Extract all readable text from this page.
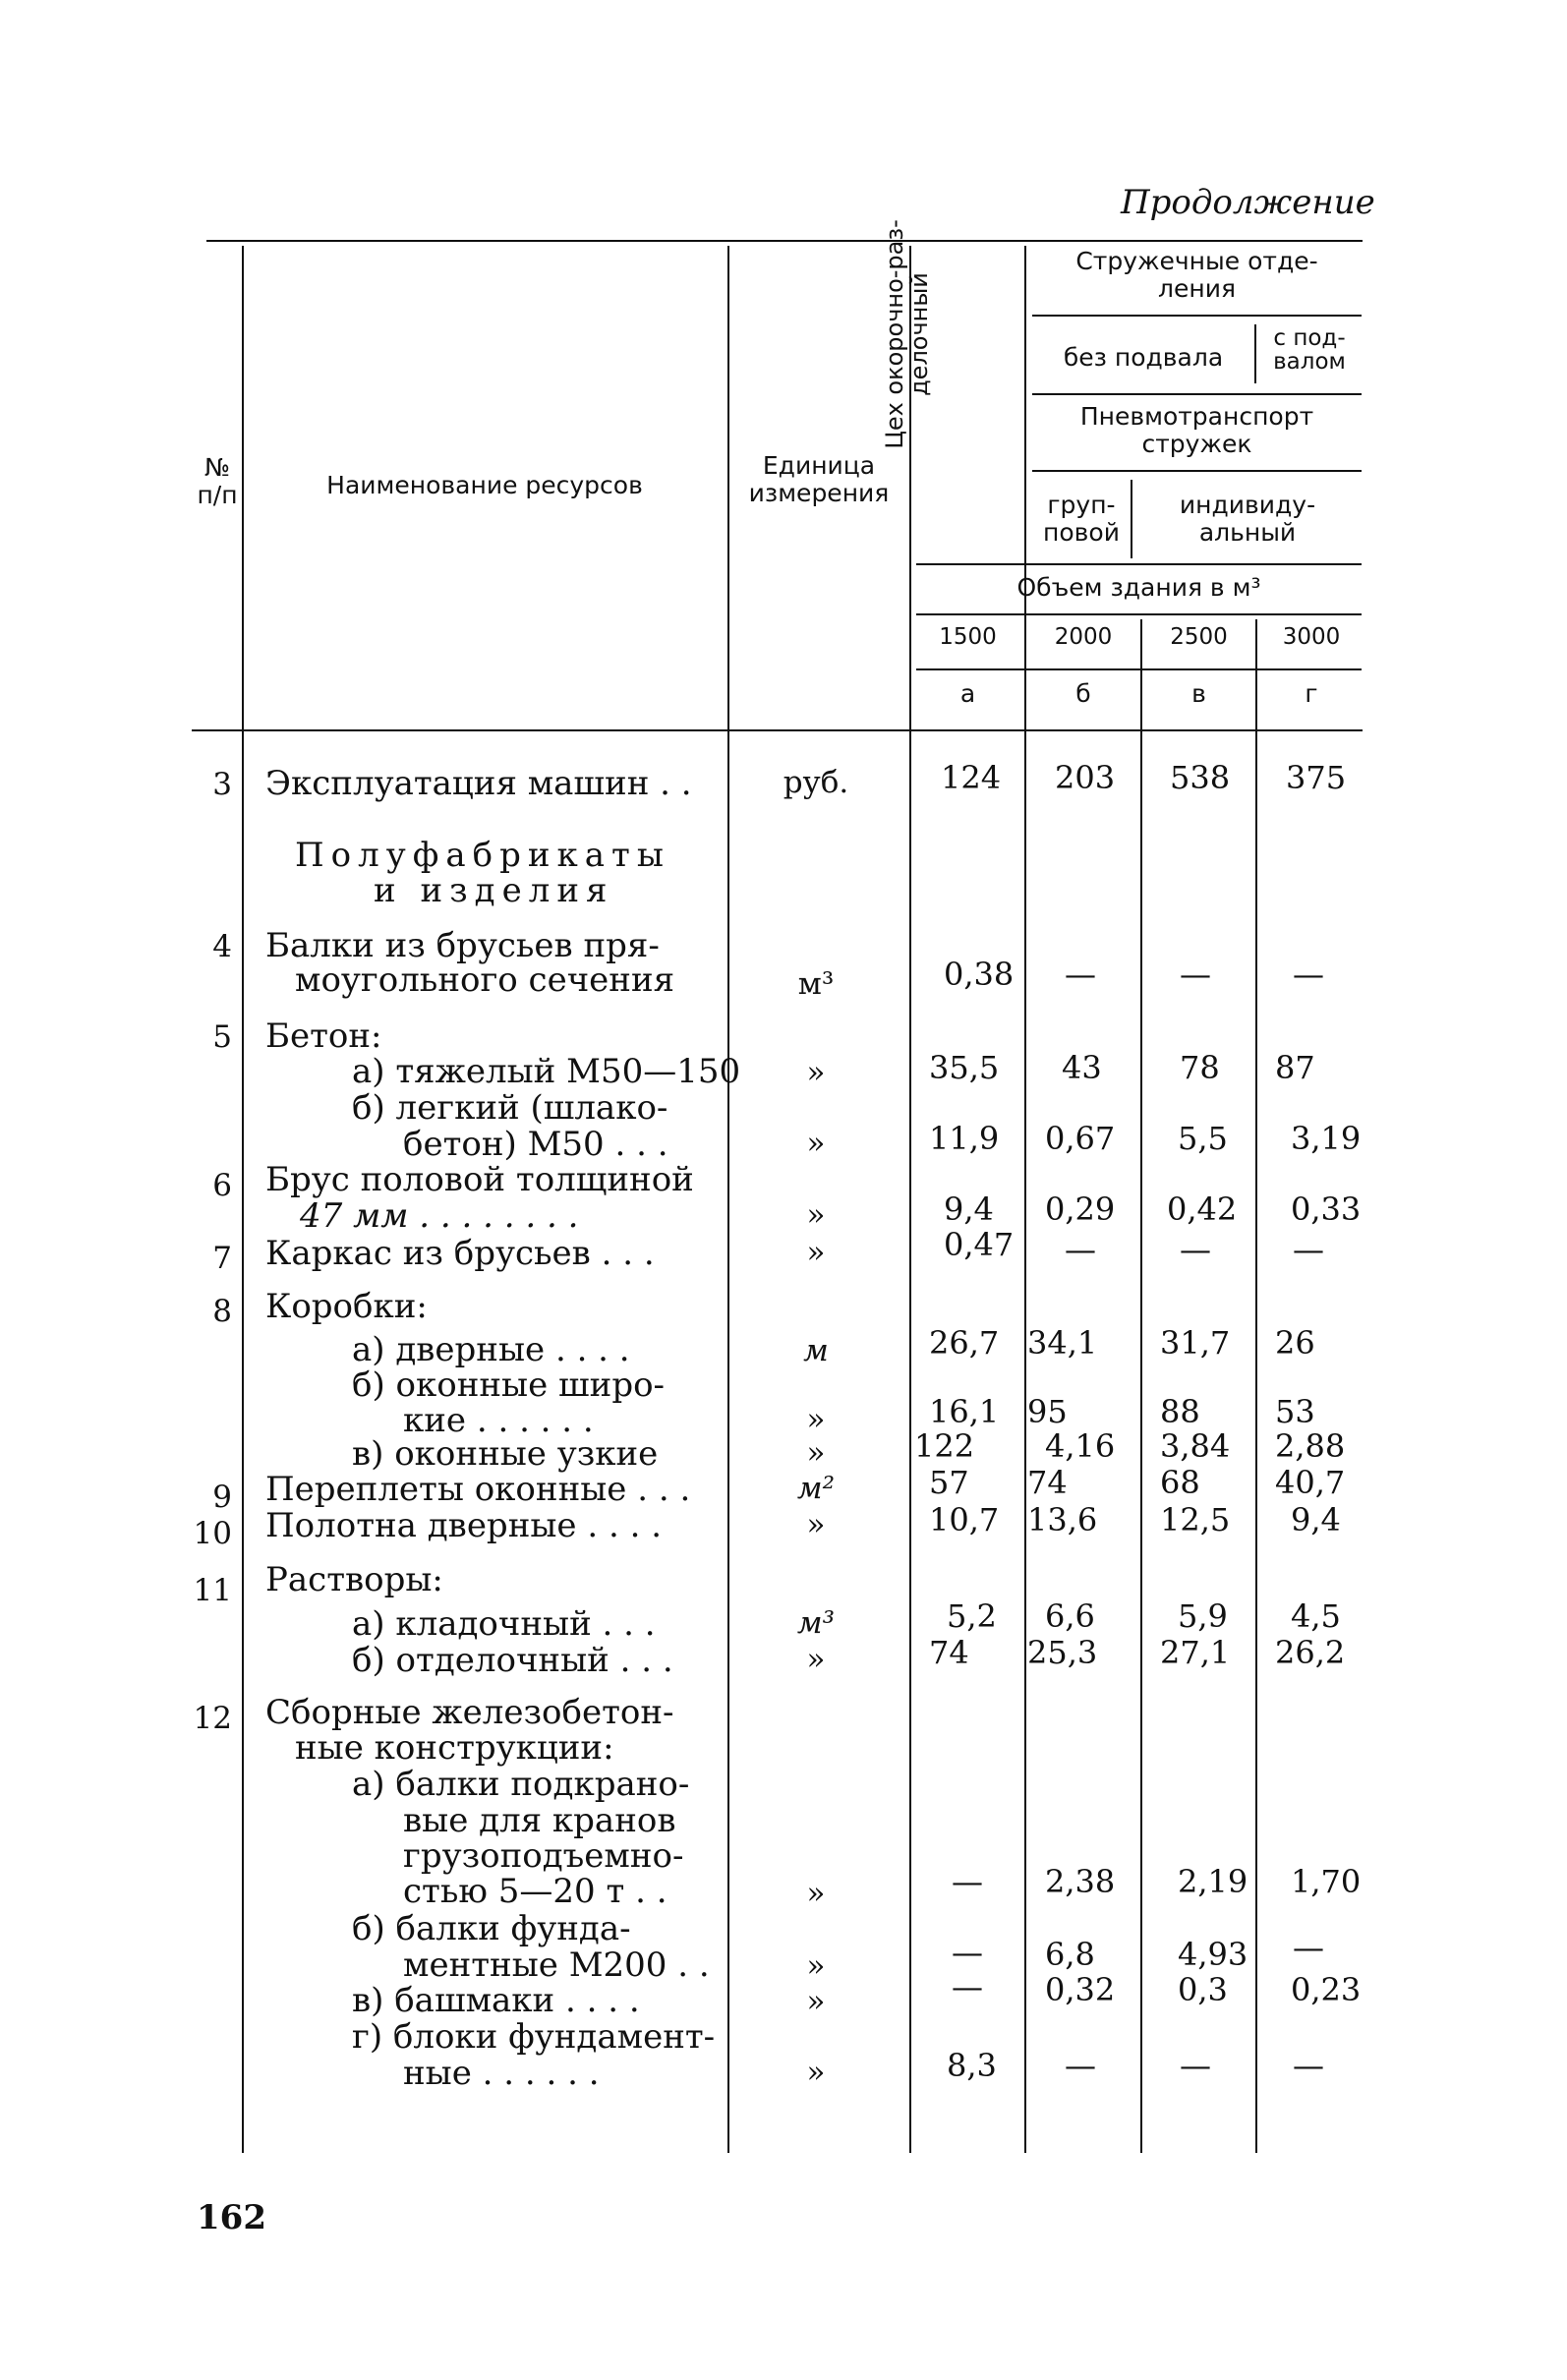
Продолжение
№
п/п	Наименование ресурсов
Единица
измерения
Цех окорочно-раз-
делочный
Стружечные отде-
ления
без подвала
с под-
валом
Пневмотранспорт
стружек
груп-
повой
индивиду-
альный
Объем здания в м³
1500	2000	2500	3000
а	б	в	г
3 Эксплуатация машин . .	руб.	124 203 538 375
Полуфабрикаты
и изделия
4 Балки из брусьев пря-
моугольного сечения	м³	0,38 —	—	—
5 Бетон:
а) тяжелый М50—150	»	35,5 43 78 87
б) легкий (шлако-
бетон) М50 . . .	»	11,9 0,67 5,5 3,19
6 Брус половой толщиной
47 мм . . . . . . . .	»	9,4 0,29 0,42 0,33
7 Каркас из брусьев . . .	»	0,47 —	—	—
8 Коробки:
а) дверные . . . .	м	26,7 34,1 31,7 26
б) оконные широ-
кие . . . . . .	»	16,1 95	88 53
в) оконные узкие	»	122 4,16 3,84 2,88
9 Переплеты оконные . . .	м²	57 74	68 40,7
10 Полотна дверные . . . .	»	10,7 13,6 12,5 9,4
11 Растворы:
а) кладочный . . .	м³	5,2 6,6	5,9 4,5
б) отделочный . . .	»	74 25,3 27,1 26,2
12 Сборные железобетон-
ные конструкции:
а) балки подкрано-
вые для кранов
грузоподъемно-
стью 5—20 т . .	»	— 2,38 2,19 1,70
б) балки фунда-
ментные М200 . .	»	— 6,8	4,93 —
в) башмаки . . . .	»	— 0,32 0,3 0,23
г) блоки фундамент-
ные . . . . . .	»	8,3 —	—	—
162
